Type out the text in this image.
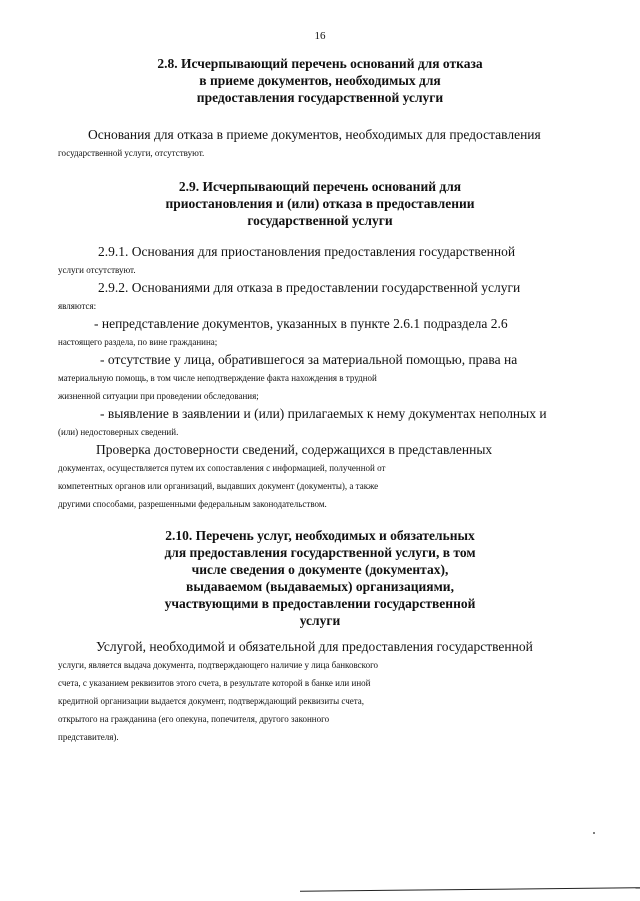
16
2.8. Исчерпывающий перечень оснований для отказа
в приеме документов, необходимых для
предоставления государственной услуги
Основания для отказа в приеме документов, необходимых для предоставления
государственной услуги, отсутствуют.
2.9. Исчерпывающий перечень оснований для
приостановления и (или) отказа в предоставлении
государственной услуги
2.9.1. Основания для приостановления предоставления государственной
услуги отсутствуют.
2.9.2. Основаниями для отказа в предоставлении государственной услуги
являются:
- непредставление документов, указанных в пункте 2.6.1 подраздела 2.6
настоящего раздела, по вине гражданина;
- отсутствие у лица, обратившегося за материальной помощью, права на
материальную помощь, в том числе неподтверждение факта нахождения в трудной
жизненной ситуации при проведении обследования;
- выявление в заявлении и (или) прилагаемых к нему документах неполных и
(или) недостоверных сведений.
Проверка достоверности сведений, содержащихся в представленных
документах, осуществляется путем их сопоставления с информацией, полученной от
компетентных органов или организаций, выдавших документ (документы), а также
другими способами, разрешенными федеральным законодательством.
2.10. Перечень услуг, необходимых и обязательных
для предоставления государственной услуги, в том
числе сведения о документе (документах),
выдаваемом (выдаваемых) организациями,
участвующими в предоставлении государственной
услуги
Услугой, необходимой и обязательной для предоставления государственной
услуги, является выдача документа, подтверждающего наличие у лица банковского
счета, с указанием реквизитов этого счета, в результате которой в банке или иной
кредитной организации выдается документ, подтверждающий реквизиты счета,
открытого на гражданина (его опекуна, попечителя, другого законного
представителя).
